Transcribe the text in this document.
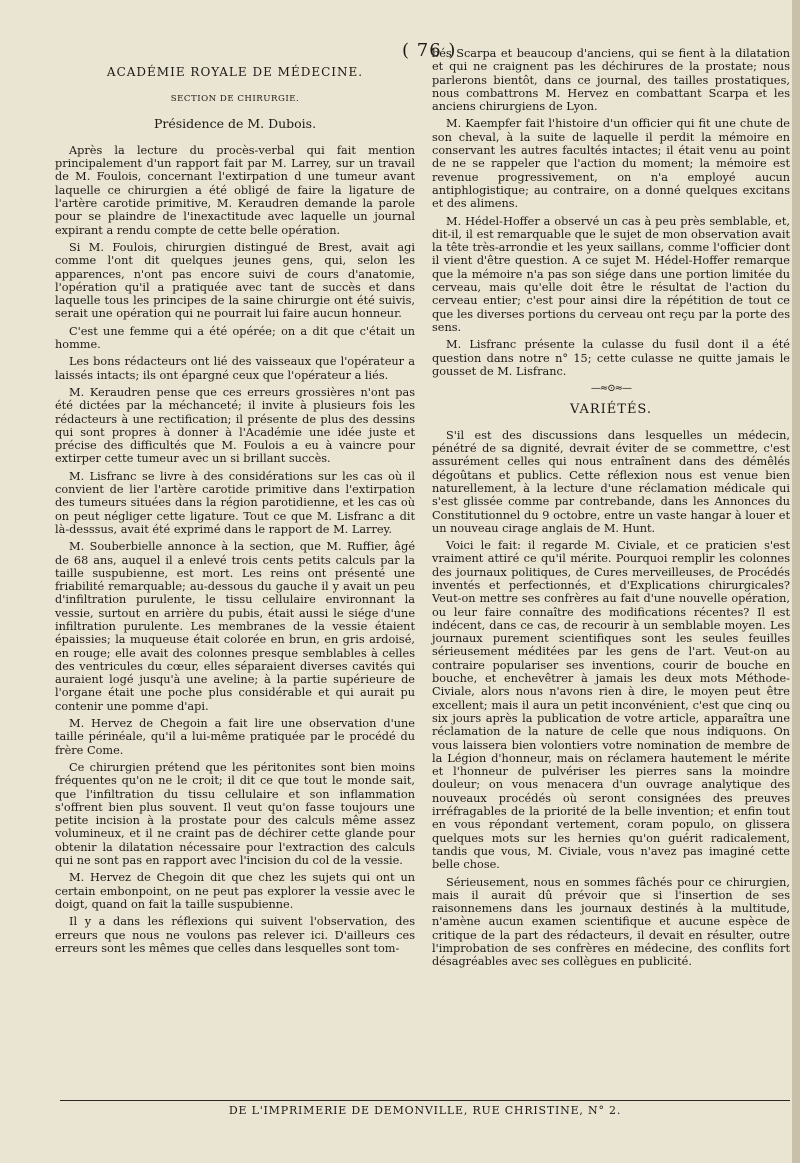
( 76 )
ACADÉMIE ROYALE DE MÉDECINE.
SECTION DE CHIRURGIE.
Présidence de M. Dubois.

Après la lecture du procès-verbal qui fait mention principalement d'un rapport fait par M. Larrey, sur un travail de M. Foulois, concernant l'extirpation d une tumeur avant laquelle ce chirurgien a été obligé de faire la ligature de l'artère carotide primitive, M. Keraudren demande la parole pour se plaindre de l'inexactitude avec laquelle un journal expirant a rendu compte de cette belle opération.

Si M. Foulois, chirurgien distingué de Brest, avait agi comme l'ont dit quelques jeunes gens, qui, selon les apparences, n'ont pas encore suivi de cours d'anatomie, l'opération qu'il a pratiquée avec tant de succès et dans laquelle tous les principes de la saine chirurgie ont été suivis, serait une opération qui ne pourrait lui faire aucun honneur.

C'est une femme qui a été opérée; on a dit que c'était un homme.

Les bons rédacteurs ont lié des vaisseaux que l'opérateur a laissés intacts; ils ont épargné ceux que l'opérateur a liés.

M. Keraudren pense que ces erreurs grossières n'ont pas été dictées par la méchanceté; il invite à plusieurs fois les rédacteurs à une rectification; il présente de plus des dessins qui sont propres à donner à l'Académie une idée juste et précise des difficultés que M. Foulois a eu à vaincre pour extirper cette tumeur avec un si brillant succès.

M. Lisfranc se livre à des considérations sur les cas où il convient de lier l'artère carotide primitive dans l'extirpation des tumeurs situées dans la région parotidienne, et les cas où on peut négliger cette ligature. Tout ce que M. Lisfranc a dit là-desssus, avait été exprimé dans le rapport de M. Larrey.

M. Souberbielle annonce à la section, que M. Ruffier, âgé de 68 ans, auquel il a enlevé trois cents petits calculs par la taille suspubienne, est mort. Les reins ont présenté une friabilité remarquable; au-dessous du gauche il y avait un peu d'infiltration purulente, le tissu cellulaire environnant la vessie, surtout en arrière du pubis, était aussi le siége d'une infiltration purulente. Les membranes de la vessie étaient épaissies; la muqueuse était colorée en brun, en gris ardoisé, en rouge; elle avait des colonnes presque semblables à celles des ventricules du cœur, elles séparaient diverses cavités qui auraient logé jusqu'à une aveline; à la partie supérieure de l'organe était une poche plus considérable et qui aurait pu contenir une pomme d'api.

M. Hervez de Chegoin a fait lire une observation d'une taille périnéale, qu'il a lui-même pratiquée par le procédé du frère Come.

Ce chirurgien prétend que les péritonites sont bien moins fréquentes qu'on ne le croit; il dit ce que tout le monde sait, que l'infiltration du tissu cellulaire et son inflammation s'offrent bien plus souvent. Il veut qu'on fasse toujours une petite incision à la prostate pour des calculs même assez volumineux, et il ne craint pas de déchirer cette glande pour obtenir la dilatation nécessaire pour l'extraction des calculs qui ne sont pas en rapport avec l'incision du col de la vessie.

M. Hervez de Chegoin dit que chez les sujets qui ont un certain embonpoint, on ne peut pas explorer la vessie avec le doigt, quand on fait la taille suspubienne.

Il y a dans les réflexions qui suivent l'observation, des erreurs que nous ne voulons pas relever ici. D'ailleurs ces erreurs sont les mêmes que celles dans lesquelles sont tom-

bés Scarpa et beaucoup d'anciens, qui se fient à la dilatation et qui ne craignent pas les déchirures de la prostate; nous parlerons bientôt, dans ce journal, des tailles prostatiques, nous combattrons M. Hervez en combattant Scarpa et les anciens chirurgiens de Lyon.

M. Kaempfer fait l'histoire d'un officier qui fit une chute de son cheval, à la suite de laquelle il perdit la mémoire en conservant les autres facultés intactes; il était venu au point de ne se rappeler que l'action du moment; la mémoire est revenue progressivement, on n'a employé aucun antiphlogistique; au contraire, on a donné quelques excitans et des alimens.

M. Hédel-Hoffer a observé un cas à peu près semblable, et, dit-il, il est remarquable que le sujet de mon observation avait la tête très-arrondie et les yeux saillans, comme l'officier dont il vient d'être question. A ce sujet M. Hédel-Hoffer remarque que la mémoire n'a pas son siége dans une portion limitée du cerveau, mais qu'elle doit être le résultat de l'action du cerveau entier; c'est pour ainsi dire la répétition de tout ce que les diverses portions du cerveau ont reçu par la porte des sens.

M. Lisfranc présente la culasse du fusil dont il a été question dans notre n° 15; cette culasse ne quitte jamais le gousset de M. Lisfranc.

—≈⊙≈—
VARIÉTÉS.

S'il est des discussions dans lesquelles un médecin, pénétré de sa dignité, devrait éviter de se commettre, c'est assurément celles qui nous entraînent dans des démêlés dégoûtans et publics. Cette réflexion nous est venue bien naturellement, à la lecture d'une réclamation médicale qui s'est glissée comme par contrebande, dans les Annonces du Constitutionnel du 9 octobre, entre un vaste hangar à louer et un nouveau cirage anglais de M. Hunt.

Voici le fait: il regarde M. Civiale, et ce praticien s'est vraiment attiré ce qu'il mérite. Pourquoi remplir les colonnes des journaux politiques, de Cures merveilleuses, de Procédés inventés et perfectionnés, et d'Explications chirurgicales? Veut-on mettre ses confrères au fait d'une nouvelle opération, ou leur faire connaître des modifications récentes? Il est indécent, dans ce cas, de recourir à un semblable moyen. Les journaux purement scientifiques sont les seules feuilles sérieusement méditées par les gens de l'art. Veut-on au contraire populariser ses inventions, courir de bouche en bouche, et enchevêtrer à jamais les deux mots Méthode-Civiale, alors nous n'avons rien à dire, le moyen peut être excellent; mais il aura un petit inconvénient, c'est que cinq ou six jours après la publication de votre article, apparaîtra une réclamation de la nature de celle que nous indiquons. On vous laissera bien volontiers votre nomination de membre de la Légion d'honneur, mais on réclamera hautement le mérite et l'honneur de pulvériser les pierres sans la moindre douleur; on vous menacera d'un ouvrage analytique des nouveaux procédés où seront consignées des preuves irréfragables de la priorité de la belle invention; et enfin tout en vous répondant vertement, coram populo, on glissera quelques mots sur les hernies qu'on guérit radicalement, tandis que vous, M. Civiale, vous n'avez pas imaginé cette belle chose.

Sérieusement, nous en sommes fâchés pour ce chirurgien, mais il aurait dû prévoir que si l'insertion de ses raisonnemens dans les journaux destinés à la multitude, n'amène aucun examen scientifique et aucune espèce de critique de la part des rédacteurs, il devait en résulter, outre l'improbation de ses confrères en médecine, des conflits fort désagréables avec ses collègues en publicité.

DE L'IMPRIMERIE DE DEMONVILLE, RUE CHRISTINE, N° 2.
